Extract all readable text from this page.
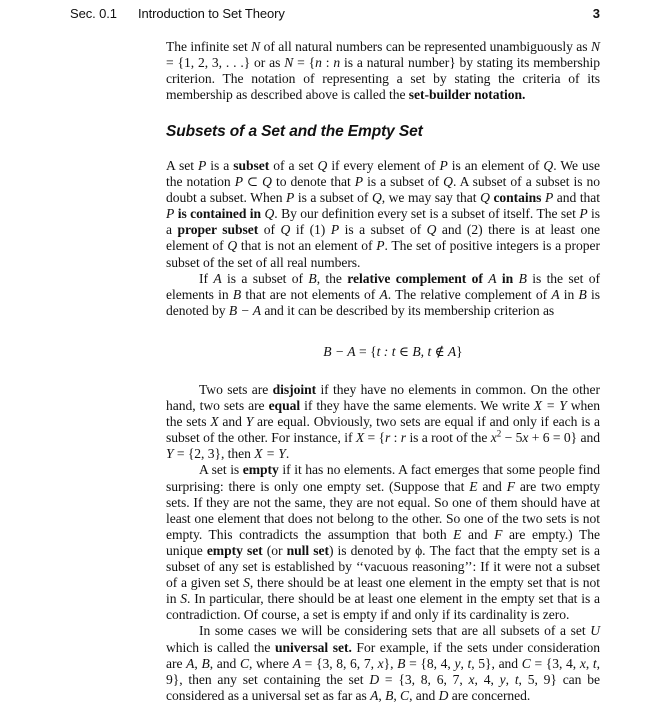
Sec. 0.1 Introduction to Set Theory	3

The infinite set N of all natural numbers can be represented unambiguously as N = {1, 2, 3, . . .} or as N = {n : n is a natural number} by stating its membership criterion. The notation of representing a set by stating the criteria of its membership as described above is called the set-builder notation.

Subsets of a Set and the Empty Set

A set P is a subset of a set Q if every element of P is an element of Q. We use the notation P ⊂ Q to denote that P is a subset of Q. A subset of a subset is no doubt a subset. When P is a subset of Q, we may say that Q contains P and that P is contained in Q. By our definition every set is a subset of itself. The set P is a proper subset of Q if (1) P is a subset of Q and (2) there is at least one element of Q that is not an element of P. The set of positive integers is a proper subset of the set of all real numbers.

If A is a subset of B, the relative complement of A in B is the set of elements in B that are not elements of A. The relative complement of A in B is denoted by B − A and it can be described by its membership criterion as

B − A = {t : t ∈ B, t ∉ A}

Two sets are disjoint if they have no elements in common. On the other hand, two sets are equal if they have the same elements. We write X = Y when the sets X and Y are equal. Obviously, two sets are equal if and only if each is a subset of the other. For instance, if X = {r : r is a root of the $x^2 - 5x + 6 = 0$} and Y = {2, 3}, then X = Y.

A set is empty if it has no elements. A fact emerges that some people find surprising: there is only one empty set. (Suppose that E and F are two empty sets. If they are not the same, they are not equal. So one of them should have at least one element that does not belong to the other. So one of the two sets is not empty. This contradicts the assumption that both E and F are empty.) The unique empty set (or null set) is denoted by ϕ. The fact that the empty set is a subset of any set is established by ‘‘vacuous reasoning’’: If it were not a subset of a given set S, there should be at least one element in the empty set that is not in S. In particular, there should be at least one element in the empty set that is a contradiction. Of course, a set is empty if and only if its cardinality is zero.

In some cases we will be considering sets that are all subsets of a set U which is called the universal set. For example, if the sets under consideration are A, B, and C, where A = {3, 8, 6, 7, x}, B = {8, 4, y, t, 5}, and C = {3, 4, x, t, 9}, then any set containing the set D = {3, 8, 6, 7, x, 4, y, t, 5, 9} can be considered as a universal set as far as A, B, C, and D are concerned.
